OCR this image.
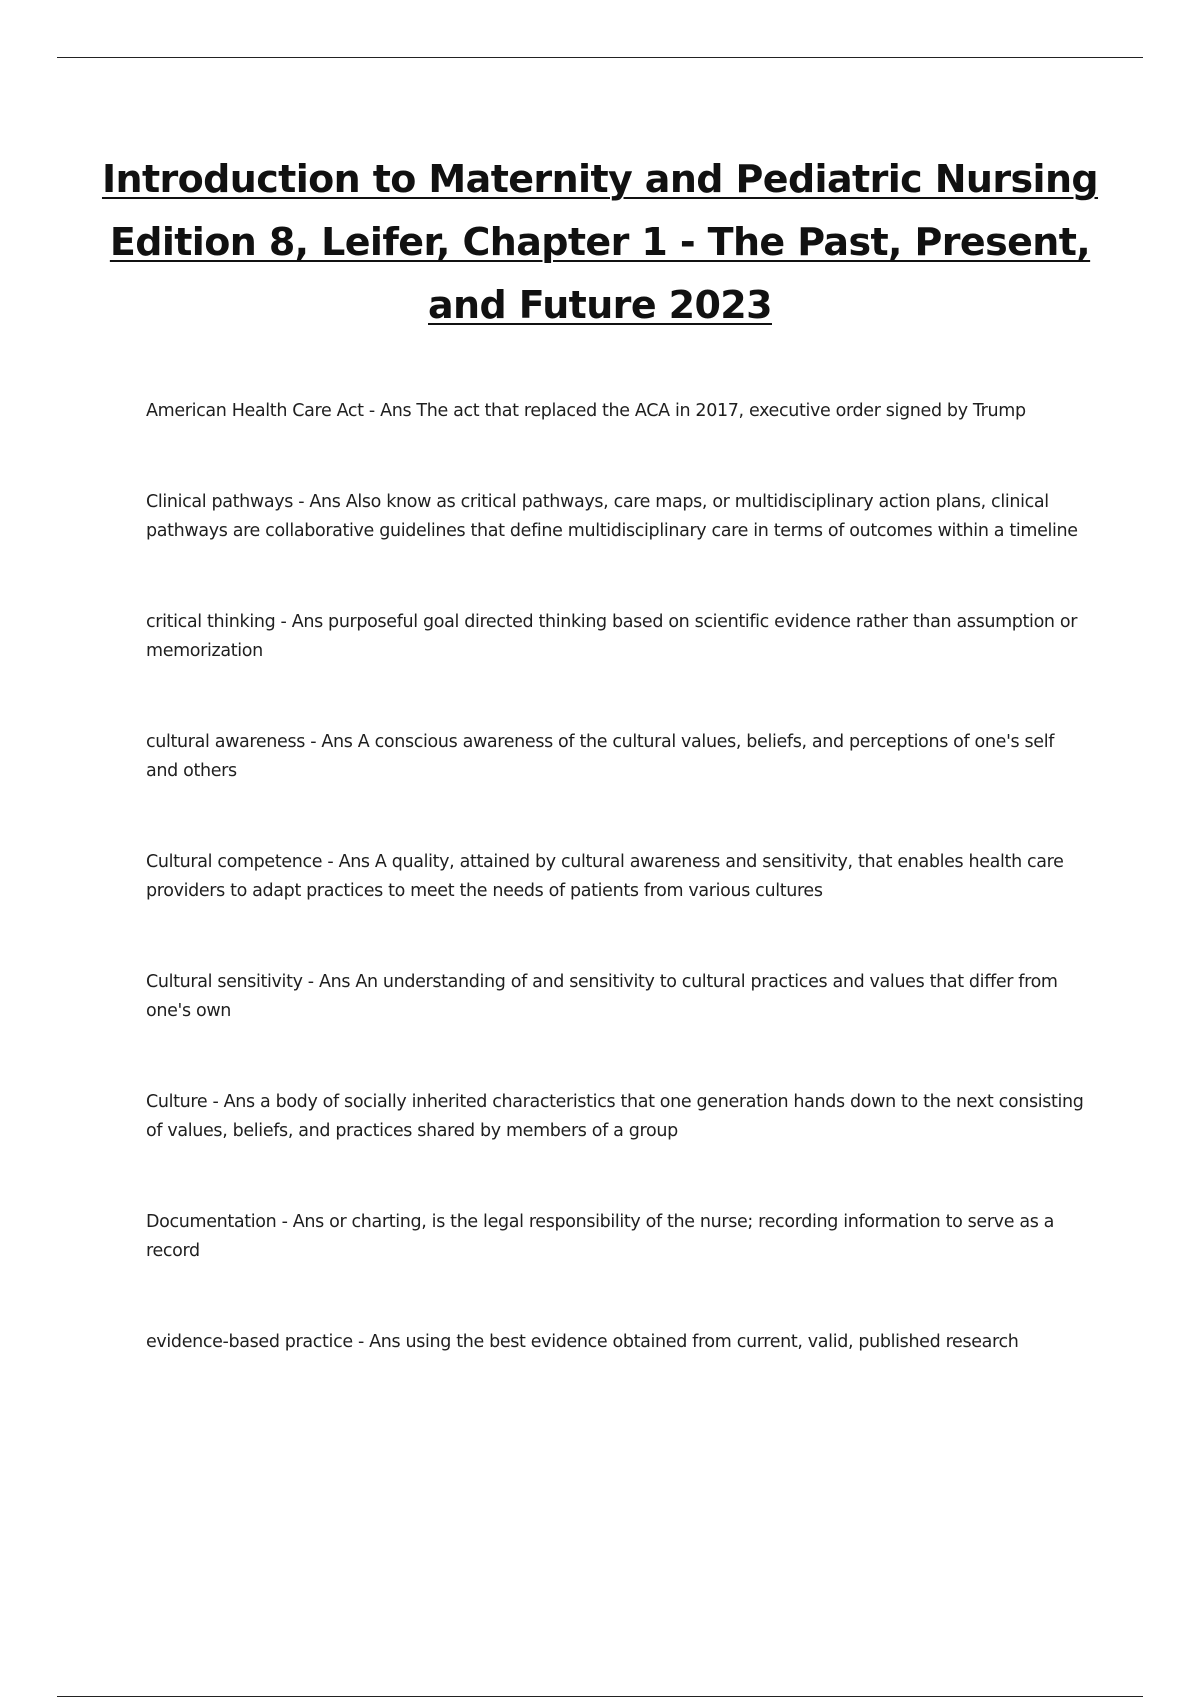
Introduction to Maternity and Pediatric Nursing Edition 8, Leifer, Chapter 1 - The Past, Present, and Future 2023
American Health Care Act - Ans The act that replaced the ACA in 2017, executive order signed by Trump
Clinical pathways - Ans Also know as critical pathways, care maps, or multidisciplinary action plans, clinical pathways are collaborative guidelines that define multidisciplinary care in terms of outcomes within a timeline
critical thinking - Ans purposeful goal directed thinking based on scientific evidence rather than assumption or memorization
cultural awareness - Ans A conscious awareness of the cultural values, beliefs, and perceptions of one's self and others
Cultural competence - Ans A quality, attained by cultural awareness and sensitivity, that enables health care providers to adapt practices to meet the needs of patients from various cultures
Cultural sensitivity - Ans An understanding of and sensitivity to cultural practices and values that differ from one's own
Culture - Ans a body of socially inherited characteristics that one generation hands down to the next consisting of values, beliefs, and practices shared by members of a group
Documentation - Ans or charting, is the legal responsibility of the nurse; recording information to serve as a record
evidence-based practice - Ans using the best evidence obtained from current, valid, published research
